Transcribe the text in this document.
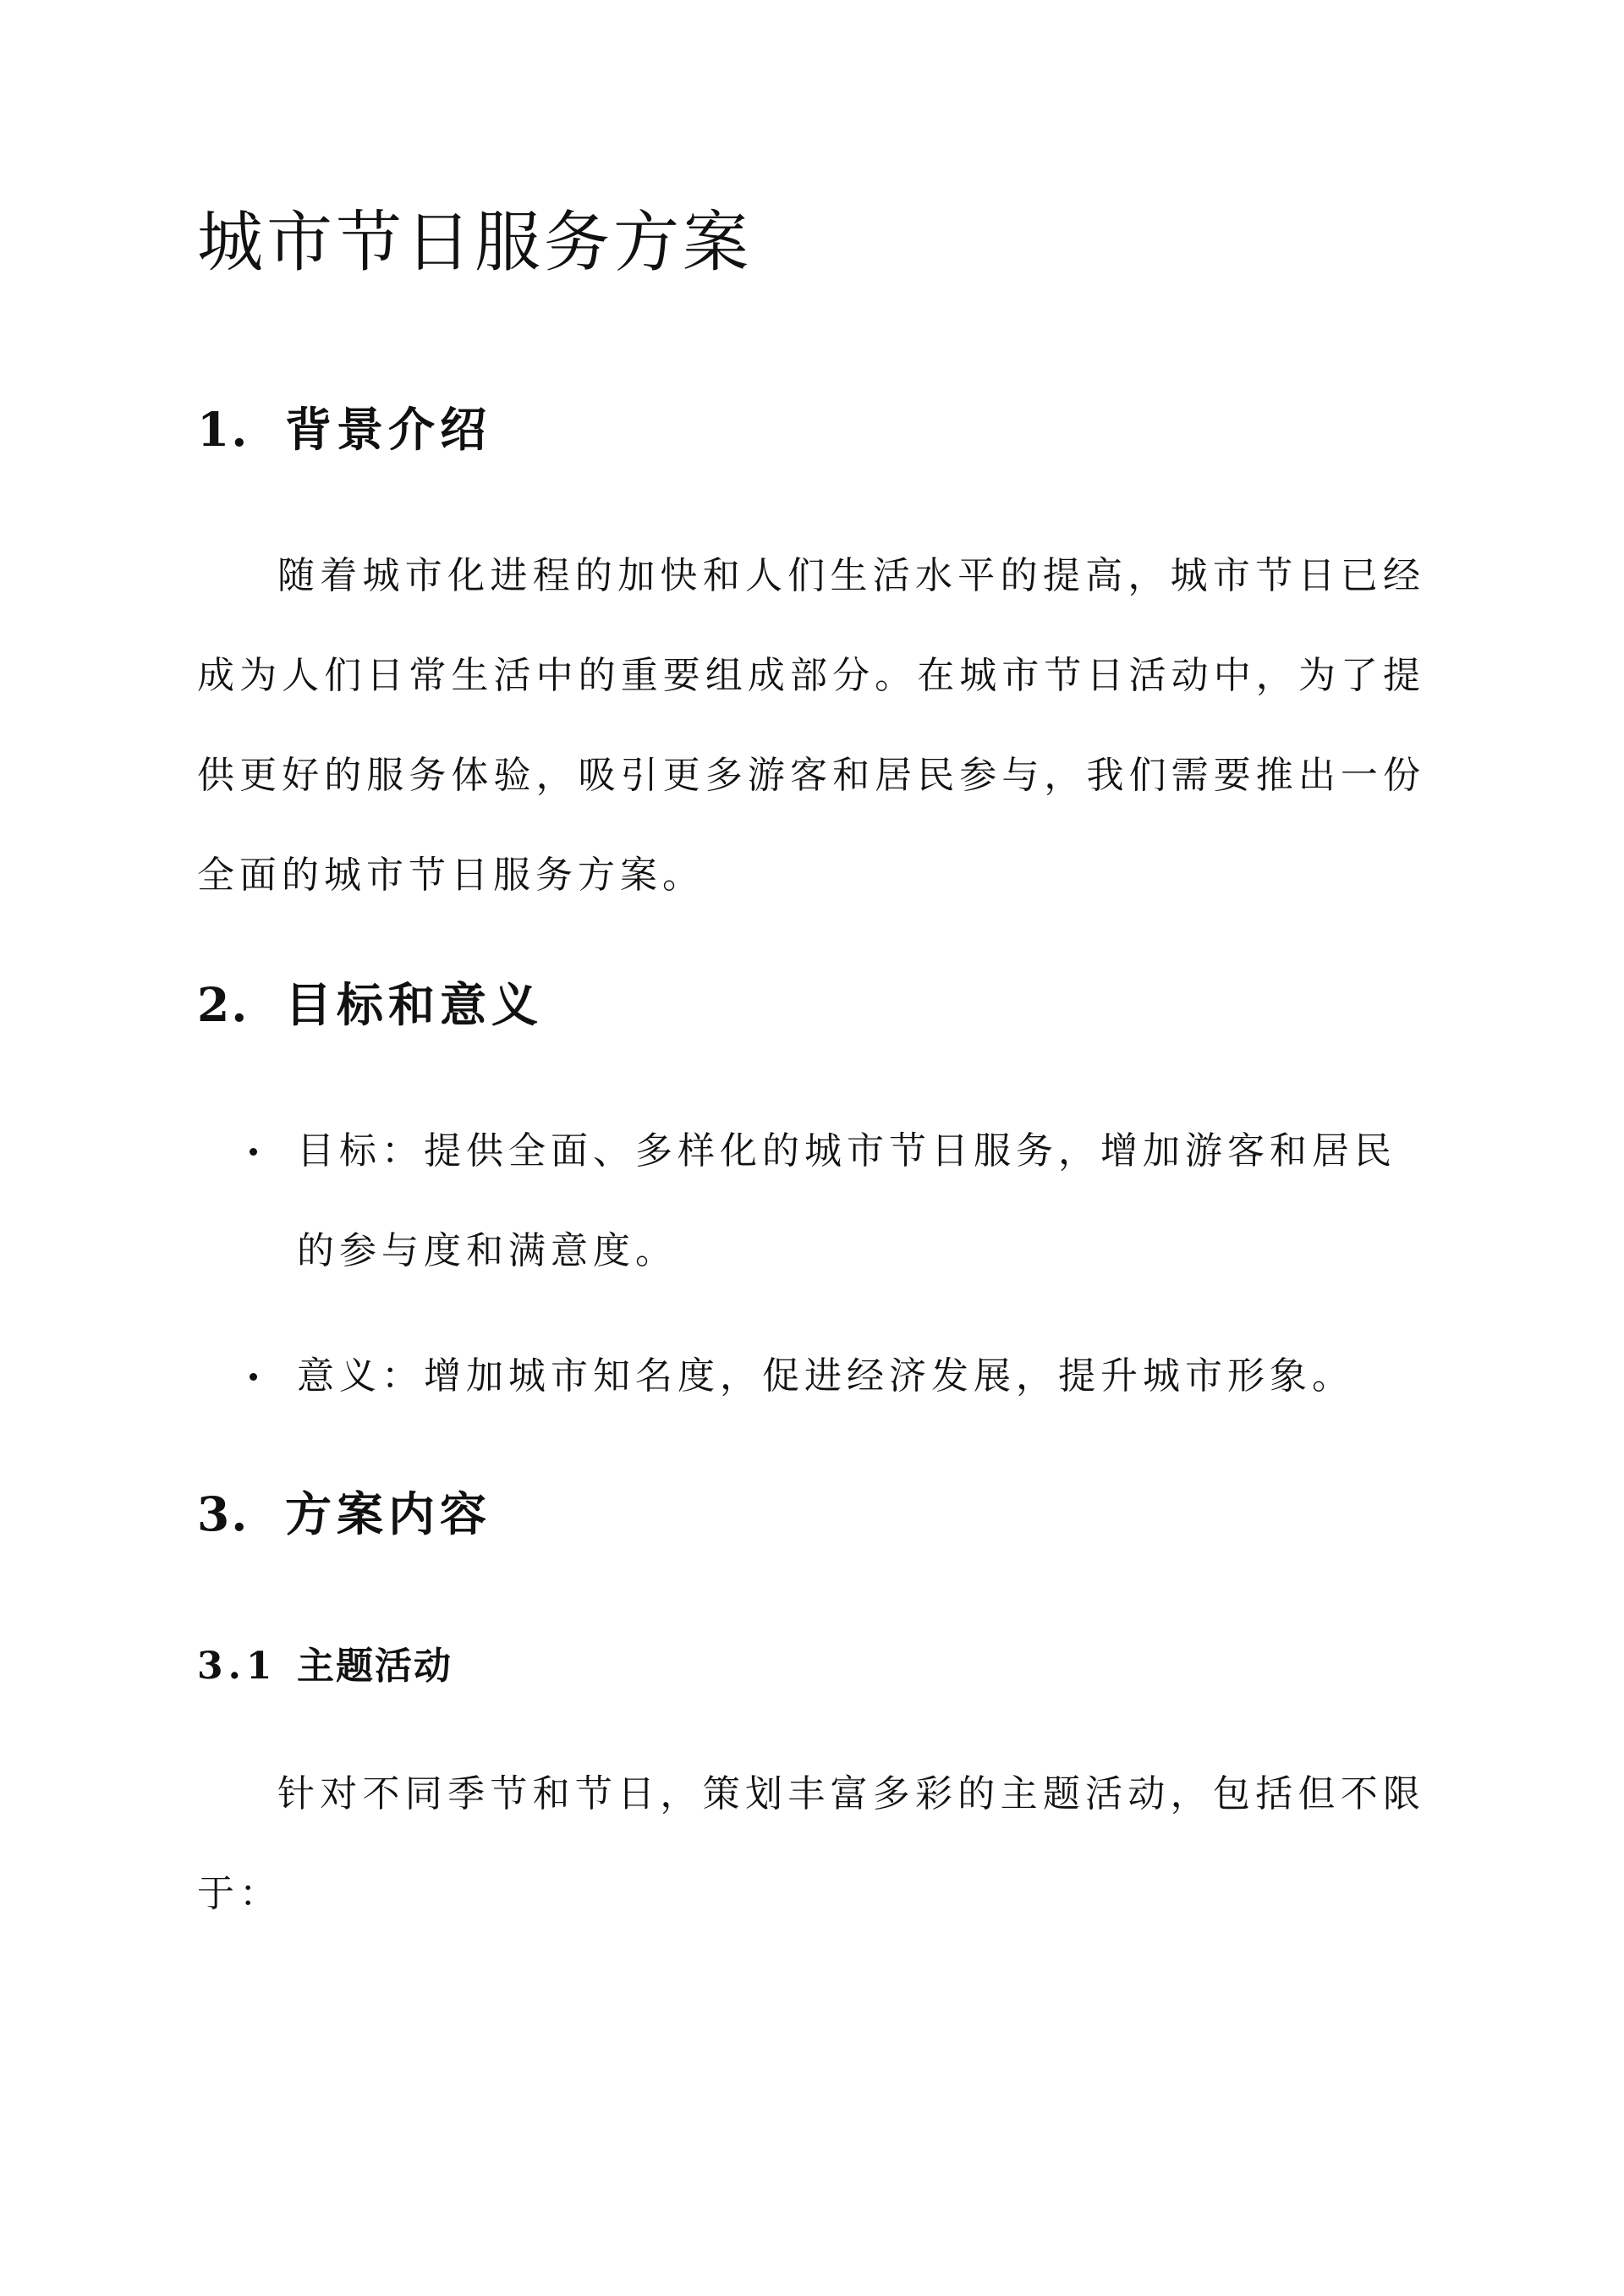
城市节日服务方案
1. 背景介绍

随着城市化进程的加快和人们生活水平的提高，城市节日已经成为人们日常生活中的重要组成部分。在城市节日活动中，为了提供更好的服务体验，吸引更多游客和居民参与，我们需要推出一份全面的城市节日服务方案。

2. 目标和意义
目标：提供全面、多样化的城市节日服务，增加游客和居民的参与度和满意度。
意义：增加城市知名度，促进经济发展，提升城市形象。
3. 方案内容
3.1 主题活动

针对不同季节和节日，策划丰富多彩的主题活动，包括但不限于：
